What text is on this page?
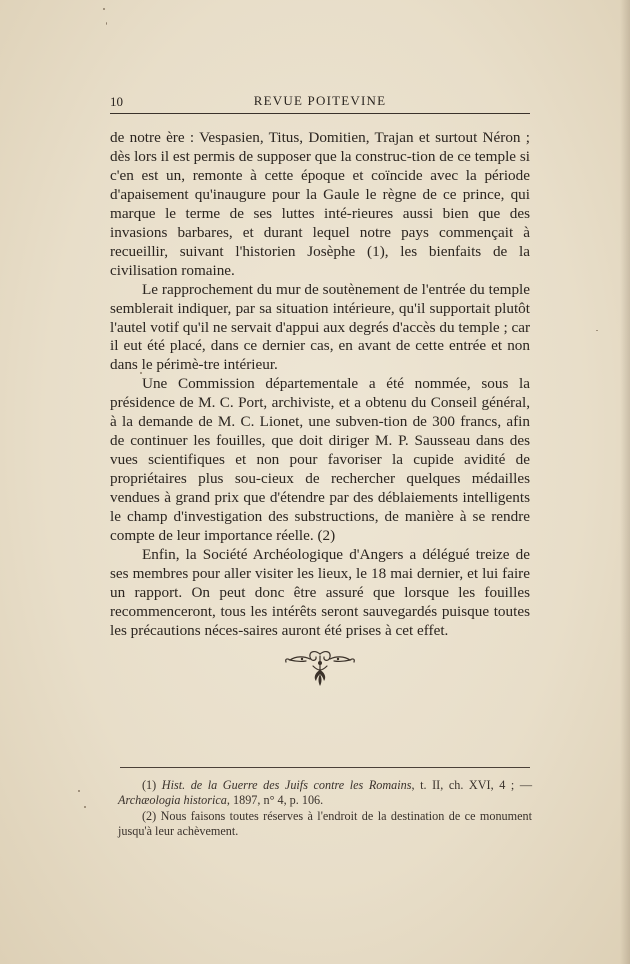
10	REVUE POITEVINE

de notre ère : Vespasien, Titus, Domitien, Trajan et surtout Néron ; dès lors il est permis de supposer que la construc-tion de ce temple si c'en est un, remonte à cette époque et coïncide avec la période d'apaisement qu'inaugure pour la Gaule le règne de ce prince, qui marque le terme de ses luttes inté-rieures aussi bien que des invasions barbares, et durant lequel notre pays commençait à recueillir, suivant l'historien Josèphe (1), les bienfaits de la civilisation romaine.

Le rapprochement du mur de soutènement de l'entrée du temple semblerait indiquer, par sa situation intérieure, qu'il supportait plutôt l'autel votif qu'il ne servait d'appui aux degrés d'accès du temple ; car il eut été placé, dans ce dernier cas, en avant de cette entrée et non dans le périmè-tre intérieur.

Une Commission départementale a été nommée, sous la présidence de M. C. Port, archiviste, et a obtenu du Conseil général, à la demande de M. C. Lionet, une subven-tion de 300 francs, afin de continuer les fouilles, que doit diriger M. P. Sausseau dans des vues scientifiques et non pour favoriser la cupide avidité de propriétaires plus sou-cieux de rechercher quelques médailles vendues à grand prix que d'étendre par des déblaiements intelligents le champ d'investigation des substructions, de manière à se rendre compte de leur importance réelle. (2)

Enfin, la Société Archéologique d'Angers a délégué treize de ses membres pour aller visiter les lieux, le 18 mai dernier, et lui faire un rapport. On peut donc être assuré que lorsque les fouilles recommenceront, tous les intérêts seront sauvegardés puisque toutes les précautions néces-saires auront été prises à cet effet.

(1) Hist. de la Guerre des Juifs contre les Romains, t. II, ch. XVI, 4 ; — Archæologia historica, 1897, n° 4, p. 106.

(2) Nous faisons toutes réserves à l'endroit de la destination de ce monument jusqu'à leur achèvement.
